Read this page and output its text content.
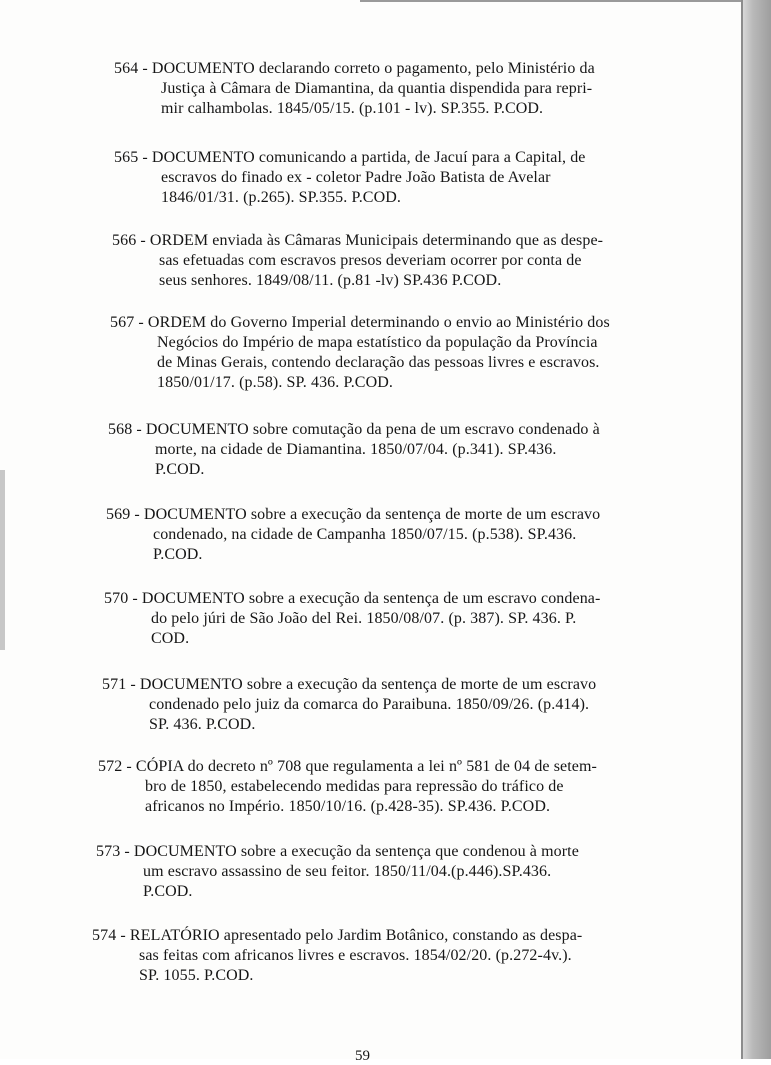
564 - DOCUMENTO declarando correto o pagamento, pelo Ministério da
Justiça à Câmara de Diamantina, da quantia dispendida para repri-
mir calhambolas. 1845/05/15. (p.101 - lv). SP.355. P.COD.
565 - DOCUMENTO comunicando a partida, de Jacuí para a Capital, de
escravos do finado ex - coletor Padre João Batista de Avelar
1846/01/31. (p.265). SP.355. P.COD.
566 - ORDEM enviada às Câmaras Municipais determinando que as despe-
sas efetuadas com escravos presos deveriam ocorrer por conta de
seus senhores. 1849/08/11. (p.81 -lv) SP.436 P.COD.
567 - ORDEM do Governo Imperial determinando o envio ao Ministério dos
Negócios do Império de mapa estatístico da população da Província
de Minas Gerais, contendo declaração das pessoas livres e escravos.
1850/01/17. (p.58). SP. 436. P.COD.
568 - DOCUMENTO sobre comutação da pena de um escravo condenado à
morte, na cidade de Diamantina. 1850/07/04. (p.341). SP.436.
P.COD.
569 - DOCUMENTO sobre a execução da sentença de morte de um escravo
condenado, na cidade de Campanha 1850/07/15. (p.538). SP.436.
P.COD.
570 - DOCUMENTO sobre a execução da sentença de um escravo condena-
do pelo júri de São João del Rei. 1850/08/07. (p. 387). SP. 436. P.
COD.
571 - DOCUMENTO sobre a execução da sentença de morte de um escravo
condenado pelo juiz da comarca do Paraibuna. 1850/09/26. (p.414).
SP. 436. P.COD.
572 - CÓPIA do decreto nº 708 que regulamenta a lei nº 581 de 04 de setem-
bro de 1850, estabelecendo medidas para repressão do tráfico de
africanos no Império. 1850/10/16. (p.428-35). SP.436. P.COD.
573 - DOCUMENTO sobre a execução da sentença que condenou à morte
um escravo assassino de seu feitor. 1850/11/04.(p.446).SP.436.
P.COD.
574 - RELATÓRIO apresentado pelo Jardim Botânico, constando as despa-
sas feitas com africanos livres e escravos. 1854/02/20. (p.272-4v.).
SP. 1055. P.COD.
59
